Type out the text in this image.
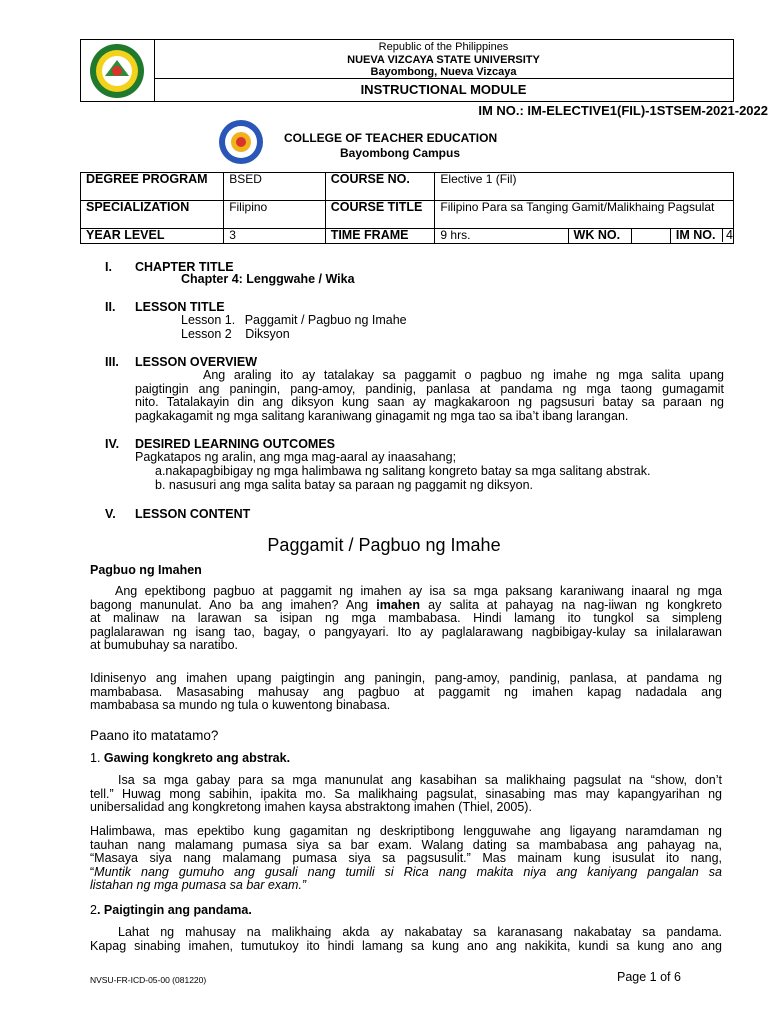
Republic of the Philippines
NUEVA VIZCAYA STATE UNIVERSITY
Bayombong, Nueva Vizcaya
INSTRUCTIONAL MODULE
IM NO.: IM-ELECTIVE1(FIL)-1STSEM-2021-2022
COLLEGE OF TEACHER EDUCATION
Bayombong Campus
DEGREE PROGRAM	BSED	COURSE NO.	Elective 1 (Fil)			
SPECIALIZATION	Filipino	COURSE TITLE	Filipino Para sa Tanging Gamit/Malikhaing Pagsulat			
YEAR LEVEL	3	TIME FRAME	9 hrs.	WK NO.		IM NO. 4
I. CHAPTER TITLE
Chapter 4: Lenggwahe / Wika
II. LESSON TITLE
Lesson 1. Paggamit / Pagbuo ng Imahe
Lesson 2 Diksyon
III. LESSON OVERVIEW
Ang araling ito ay tatalakay sa paggamit o pagbuo ng imahe ng mga salita upang
paigtingin ang paningin, pang-amoy, pandinig, panlasa at pandama ng mga taong gumagamit
nito. Tatalakayin din ang diksyon kung saan ay magkakaroon ng pagsusuri batay sa paraan ng
pagkakagamit ng mga salitang karaniwang ginagamit ng mga tao sa iba’t ibang larangan.
IV. DESIRED LEARNING OUTCOMES
Pagkatapos ng aralin, ang mga mag-aaral ay inaasahang;
a.nakapagbibigay ng mga halimbawa ng salitang kongreto batay sa mga salitang abstrak.
b. nasusuri ang mga salita batay sa paraan ng paggamit ng diksyon.
V. LESSON CONTENT
Paggamit / Pagbuo ng Imahe
Pagbuo ng Imahen
Ang epektibong pagbuo at paggamit ng imahen ay isa sa mga paksang karaniwang inaaral ng mga
bagong manunulat. Ano ba ang imahen? Ang imahen ay salita at pahayag na nag-iiwan ng kongkreto
at malinaw na larawan sa isipan ng mga mambabasa. Hindi lamang ito tungkol sa simpleng
paglalarawan ng isang tao, bagay, o pangyayari. Ito ay paglalarawang nagbibigay-kulay sa inilalarawan
at bumubuhay sa naratibo.
Idinisenyo ang imahen upang paigtingin ang paningin, pang-amoy, pandinig, panlasa, at pandama ng
mambabasa. Masasabing mahusay ang pagbuo at paggamit ng imahen kapag nadadala ang
mambabasa sa mundo ng tula o kuwentong binabasa.
Paano ito matatamo?
1. Gawing kongkreto ang abstrak.
Isa sa mga gabay para sa mga manunulat ang kasabihan sa malikhaing pagsulat na “show, don’t
tell.” Huwag mong sabihin, ipakita mo. Sa malikhaing pagsulat, sinasabing mas may kapangyarihan ng
unibersalidad ang kongkretong imahen kaysa abstraktong imahen (Thiel, 2005).
Halimbawa, mas epektibo kung gagamitan ng deskriptibong lengguwahe ang ligayang naramdaman ng
tauhan nang malamang pumasa siya sa bar exam. Walang dating sa mambabasa ang pahayag na,
“Masaya siya nang malamang pumasa siya sa pagsusulit.” Mas mainam kung isusulat ito nang,
“Muntik nang gumuho ang gusali nang tumili si Rica nang makita niya ang kaniyang pangalan sa
listahan ng mga pumasa sa bar exam.”
2. Paigtingin ang pandama.
Lahat ng mahusay na malikhaing akda ay nakabatay sa karanasang nakabatay sa pandama.
Kapag sinabing imahen, tumutukoy ito hindi lamang sa kung ano ang nakikita, kundi sa kung ano ang
NVSU-FR-ICD-05-00 (081220)	Page 1 of 6
